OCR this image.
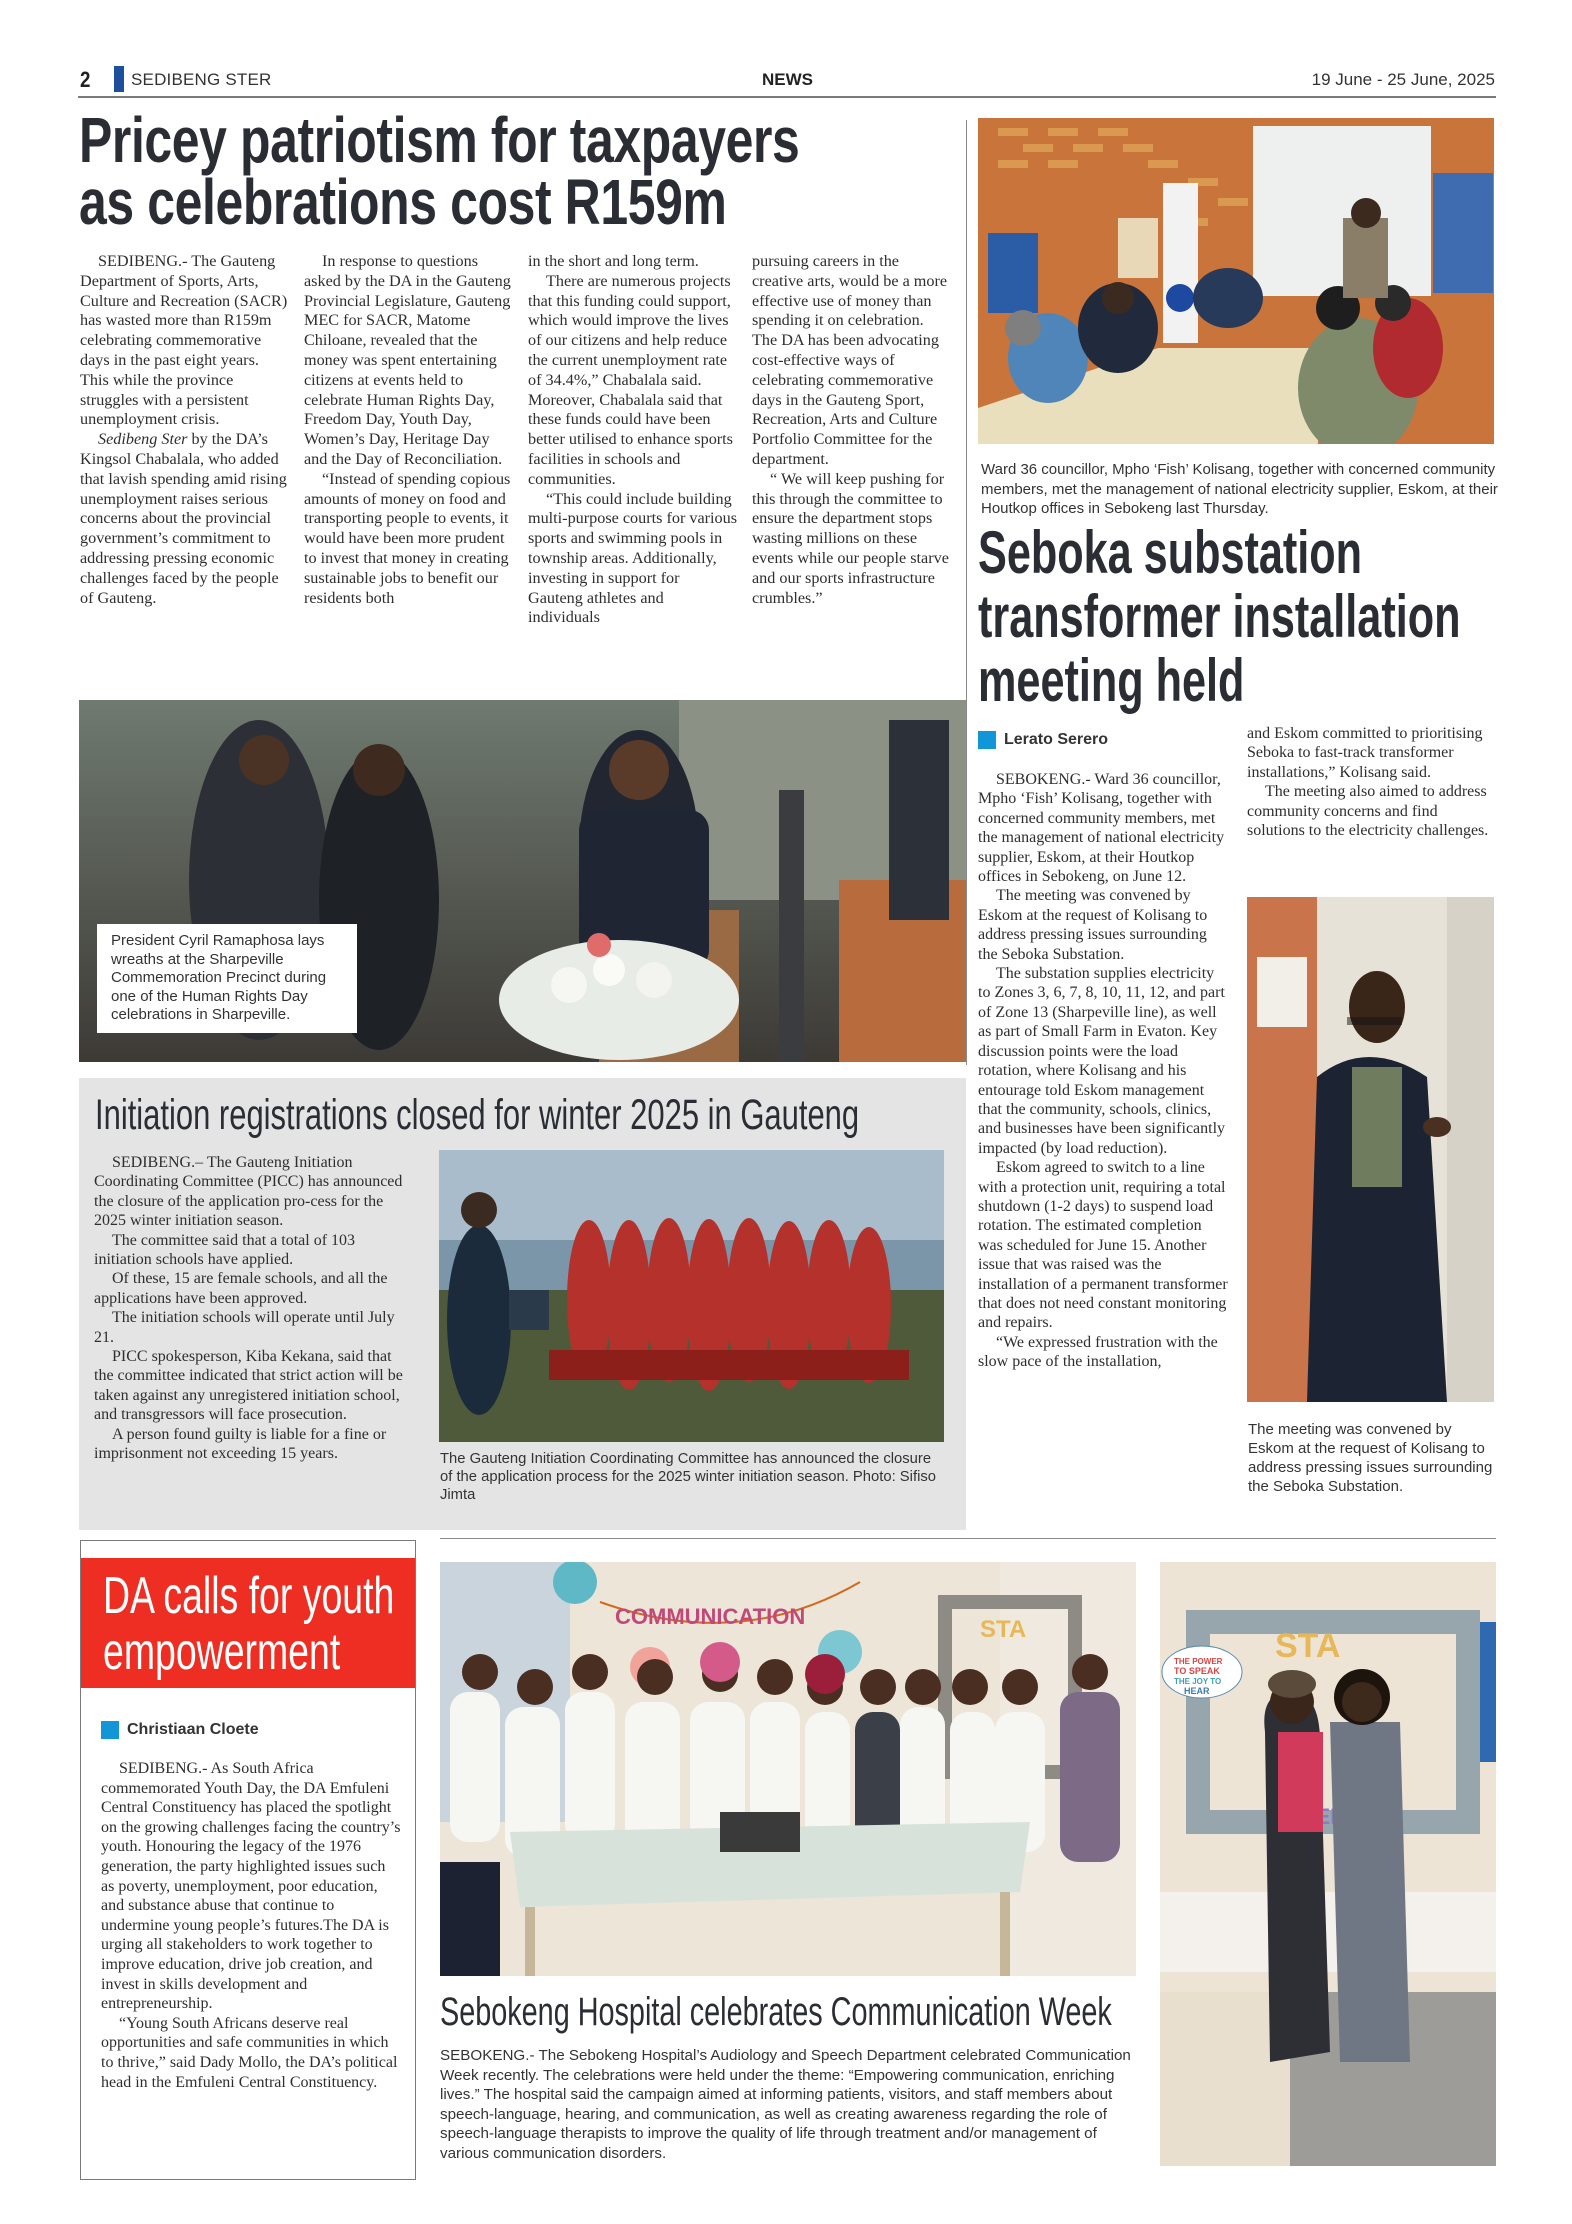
2 SEDIBENG STER	NEWS	19 June - 25 June, 2025
Pricey patriotism for taxpayers
as celebrations cost R159m

SEDIBENG.- The Gauteng Department of Sports, Arts, Culture and Recreation (SACR) has wasted more than R159m celebrating commemorative days in the past eight years. This while the province struggles with a persistent unemployment crisis.

Sedibeng Ster by the DA’s Kingsol Chabalala, who added that lavish spending amid rising unemployment raises serious concerns about the provincial government’s commitment to addressing pressing economic challenges faced by the people of Gauteng.

In response to questions asked by the DA in the Gauteng Provincial Legislature, Gauteng MEC for SACR, Matome Chiloane, revealed that the money was spent entertaining citizens at events held to celebrate Human Rights Day, Freedom Day, Youth Day, Women’s Day, Heritage Day and the Day of Reconciliation.

“Instead of spending copious amounts of money on food and transporting people to events, it would have been more prudent to invest that money in creating sustainable jobs to benefit our residents both

in the short and long term.

There are numerous projects that this funding could support, which would improve the lives of our citizens and help reduce the current unemployment rate of 34.4%,” Chabalala said. Moreover, Chabalala said that these funds could have been better utilised to enhance sports facilities in schools and communities.

“This could include building multi-purpose courts for various sports and swimming pools in township areas. Additionally, investing in support for Gauteng athletes and individuals

pursuing careers in the creative arts, would be a more effective use of money than spending it on celebration. The DA has been advocating cost-effective ways of celebrating commemorative days in the Gauteng Sport, Recreation, Arts and Culture Portfolio Committee for the department.

“ We will keep pushing for this through the committee to ensure the department stops wasting millions on these events while our people starve and our sports infrastructure crumbles.”

President Cyril Ramaphosa lays wreaths at the Sharpeville Commemoration Precinct during one of the Human Rights Day celebrations in Sharpeville.
Initiation registrations closed for winter 2025 in Gauteng

SEDIBENG.– The Gauteng Initiation Coordinating Committee (PICC) has announced the closure of the application pro-cess for the 2025 winter initiation season.

The committee said that a total of 103 initiation schools have applied.

Of these, 15 are female schools, and all the applications have been approved.

The initiation schools will operate until July 21.

PICC spokesperson, Kiba Kekana, said that the committee indicated that strict action will be taken against any unregistered initiation school, and transgressors will face prosecution.

A person found guilty is liable for a fine or imprisonment not exceeding 15 years.	The Gauteng Initiation Coordinating Committee has announced the closure of the application process for the 2025 winter initiation season. Photo: Sifiso Jimta
Ward 36 councillor, Mpho ‘Fish’ Kolisang, together with concerned community members, met the management of national electricity supplier, Eskom, at their Houtkop offices in Sebokeng last Thursday.
Seboka substation
transformer installation
meeting held
Lerato Serero

SEBOKENG.- Ward 36 councillor, Mpho ‘Fish’ Kolisang, together with concerned community members, met the management of national electricity supplier, Eskom, at their Houtkop offices in Sebokeng, on June 12.

The meeting was convened by Eskom at the request of Kolisang to address pressing issues surrounding the Seboka Substation.

The substation supplies electricity to Zones 3, 6, 7, 8, 10, 11, 12, and part of Zone 13 (Sharpeville line), as well as part of Small Farm in Evaton. Key discussion points were the load rotation, where Kolisang and his entourage told Eskom management that the community, schools, clinics, and businesses have been significantly impacted (by load reduction).

Eskom agreed to switch to a line with a protection unit, requiring a total shutdown (1-2 days) to suspend load rotation. The estimated completion was scheduled for June 15. Another issue that was raised was the installation of a permanent transformer that does not need constant monitoring and repairs.

“We expressed frustration with the slow pace of the installation,

and Eskom committed to prioritising Seboka to fast-track transformer installations,” Kolisang said.

The meeting also aimed to address community concerns and find solutions to the electricity challenges.

The meeting was convened by Eskom at the request of Kolisang to address pressing issues surrounding the Seboka Substation.
DA calls for youth
empowerment
Christiaan Cloete

SEDIBENG.- As South Africa commemorated Youth Day, the DA Emfuleni Central Constituency has placed the spotlight on the growing challenges facing the country’s youth. Honouring the legacy of the 1976 generation, the party highlighted issues such as poverty, unemployment, poor education, and substance abuse that continue to undermine young people’s futures.The DA is urging all stakeholders to work together to improve education, drive job creation, and invest in skills development and entrepreneurship.

“Young South Africans deserve real opportunities and safe communities in which to thrive,” said Dady Mollo, the DA’s political head in the Emfuleni Central Constituency.

COMMUNICATION	STA
Sebokeng Hospital celebrates Communication Week
SEBOKENG.- The Sebokeng Hospital’s Audiology and Speech Department celebrated Communication Week recently. The celebrations were held under the theme: “Empowering communication, enriching lives.” The hospital said the campaign aimed at informing patients, visitors, and staff members about speech-language, hearing, and communication, as well as creating awareness regarding the role of speech-language therapists to improve the quality of life through treatment and/or management of various communication disorders.
STA
THE POWER
TO SPEAK
THE JOY TO
HEAR
